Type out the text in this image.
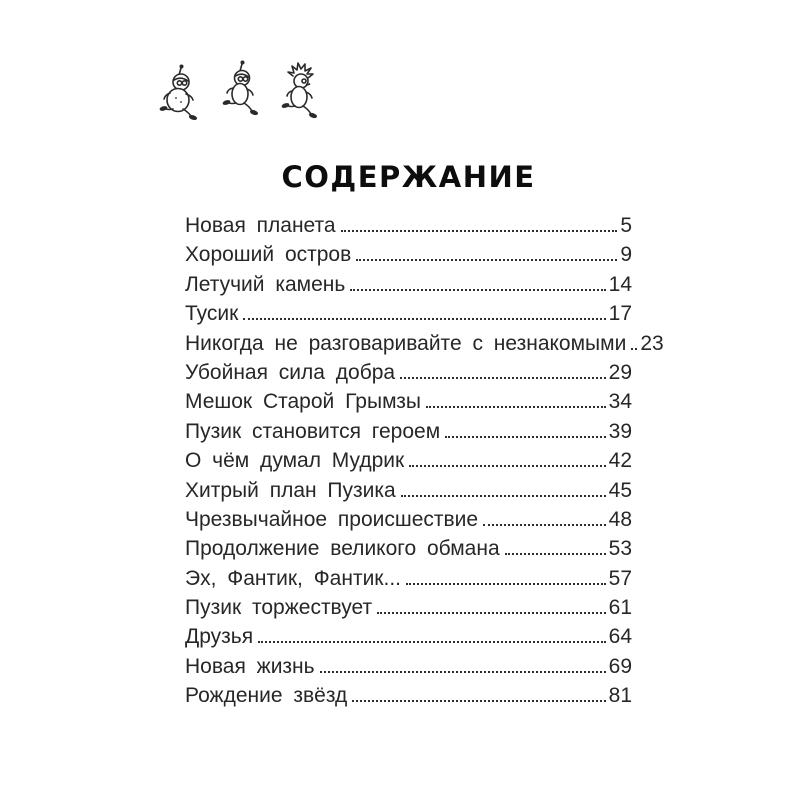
СОДЕРЖАНИЕ
Новая планета	5
Хороший остров	9
Летучий камень	14
Тусик	17
Никогда не разговаривайте с незнакомыми 23
Убойная сила добра	29
Мешок Старой Грымзы	34
Пузик становится героем	39
О чём думал Мудрик	42
Хитрый план Пузика	45
Чрезвычайное происшествие	48
Продолжение великого обмана	53
Эх, Фантик, Фантик...	57
Пузик торжествует	61
Друзья	64
Новая жизнь	69
Рождение звёзд	81
